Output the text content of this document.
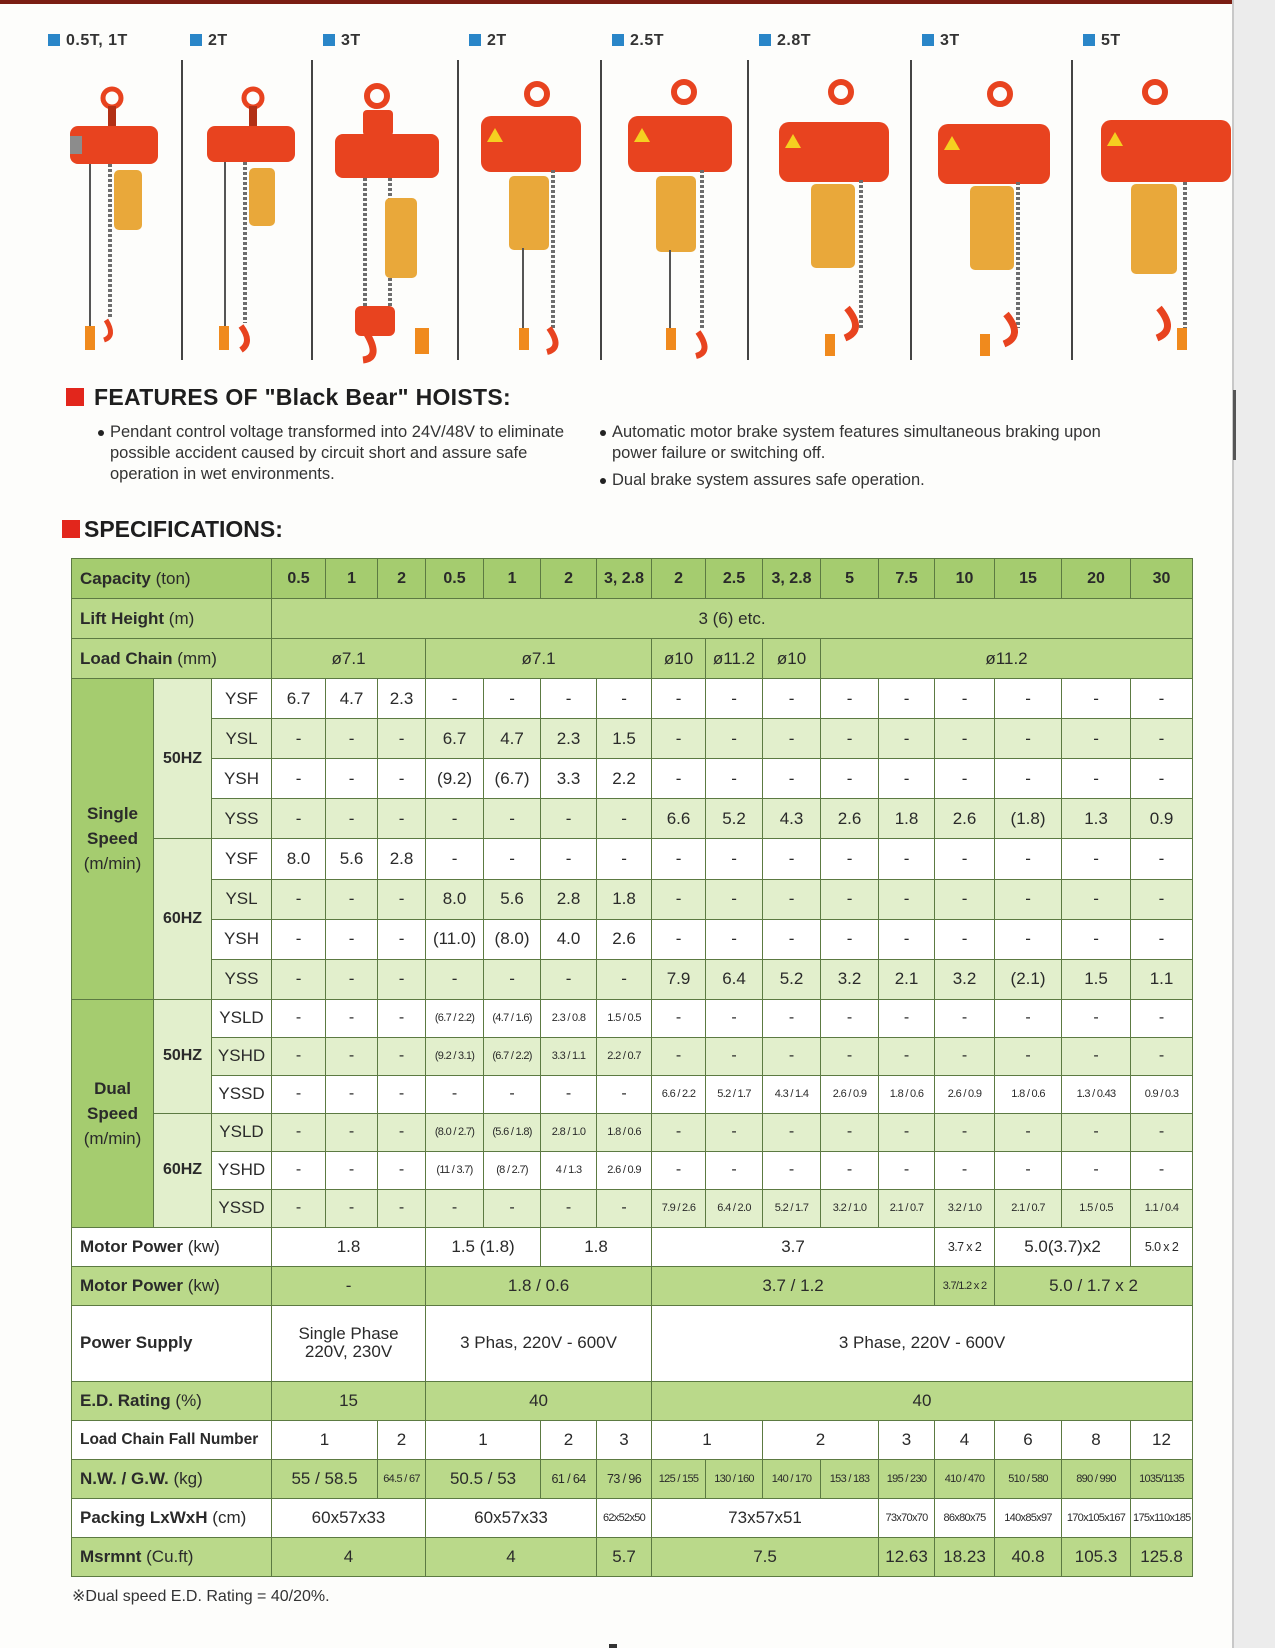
0.5T, 1T	2T	3T	2T	2.5T	2.8T	3T	5T
FEATURES OF "Black Bear" HOISTS:
Pendant control voltage transformed into 24V/48V to eliminate possible accident caused by circuit short and assure safe operation in wet environments.
Automatic motor brake system features simultaneous braking upon power failure or switching off.
Dual brake system assures safe operation.
SPECIFICATIONS:
Capacity (ton)			0.5	1	2	0.5	1	2	3, 2.8	2	2.5	3, 2.8	5	7.5	10	15	20	30
Lift Height (m)			3 (6) etc.															
Load Chain (mm)			ø7.1			ø7.1				ø10	ø11.2	ø10	ø11.2					
Single
Speed
(m/min)	50HZ	YSF	6.7	4.7	2.3	-	-	-	-	-	-	-	-	-	-	-	-	-
		YSL	-	-	-	6.7	4.7	2.3	1.5	-	-	-	-	-	-	-	-	-
		YSH	-	-	-	(9.2)	(6.7)	3.3	2.2	-	-	-	-	-	-	-	-	-
		YSS	-	-	-	-	-	-	-	6.6	5.2	4.3	2.6	1.8	2.6	(1.8)	1.3	0.9
	60HZ	YSF	8.0	5.6	2.8	-	-	-	-	-	-	-	-	-	-	-	-	-
		YSL	-	-	-	8.0	5.6	2.8	1.8	-	-	-	-	-	-	-	-	-
		YSH	-	-	-	(11.0)	(8.0)	4.0	2.6	-	-	-	-	-	-	-	-	-
		YSS	-	-	-	-	-	-	-	7.9	6.4	5.2	3.2	2.1	3.2	(2.1)	1.5	1.1
Dual
Speed
(m/min)	50HZ	YSLD	-	-	-	(6.7 / 2.2)	(4.7 / 1.6)	2.3 / 0.8	1.5 / 0.5	-	-	-	-	-	-	-	-	-
		YSHD	-	-	-	(9.2 / 3.1)	(6.7 / 2.2)	3.3 / 1.1	2.2 / 0.7	-	-	-	-	-	-	-	-	-
		YSSD	-	-	-	-	-	-	-	6.6 / 2.2	5.2 / 1.7	4.3 / 1.4	2.6 / 0.9	1.8 / 0.6	2.6 / 0.9	1.8 / 0.6	1.3 / 0.43	0.9 / 0.3
	60HZ	YSLD	-	-	-	(8.0 / 2.7)	(5.6 / 1.8)	2.8 / 1.0	1.8 / 0.6	-	-	-	-	-	-	-	-	-
		YSHD	-	-	-	(11 / 3.7)	(8 / 2.7)	4 / 1.3	2.6 / 0.9	-	-	-	-	-	-	-	-	-
		YSSD	-	-	-	-	-	-	-	7.9 / 2.6	6.4 / 2.0	5.2 / 1.7	3.2 / 1.0	2.1 / 0.7	3.2 / 1.0	2.1 / 0.7	1.5 / 0.5	1.1 / 0.4
Motor Power (kw)			1.8			1.5 (1.8)		1.8		3.7					3.7 x 2	5.0(3.7)x2		5.0 x 2
Motor Power (kw)			-			1.8 / 0.6				3.7 / 1.2					3.7/1.2 x 2	5.0 / 1.7 x 2		
Power Supply			Single Phase
220V, 230V			3 Phas, 220V - 600V				3 Phase, 220V - 600V								
E.D. Rating (%)			15			40				40								
Load Chain Fall Number			1		2	1		2	3	1		2		3	4	6	8	12
N.W. / G.W. (kg)			55 / 58.5		64.5 / 67	50.5 / 53		61 / 64	73 / 96	125 / 155	130 / 160	140 / 170	153 / 183	195 / 230	410 / 470	510 / 580	890 / 990	1035/1135
Packing LxWxH (cm)			60x57x33			60x57x33			62x52x50	73x57x51				73x70x70	86x80x75	140x85x97	170x105x167	175x110x185
Msrmnt (Cu.ft)			4			4			5.7	7.5				12.63	18.23	40.8	105.3	125.8
※Dual speed E.D. Rating = 40/20%.
